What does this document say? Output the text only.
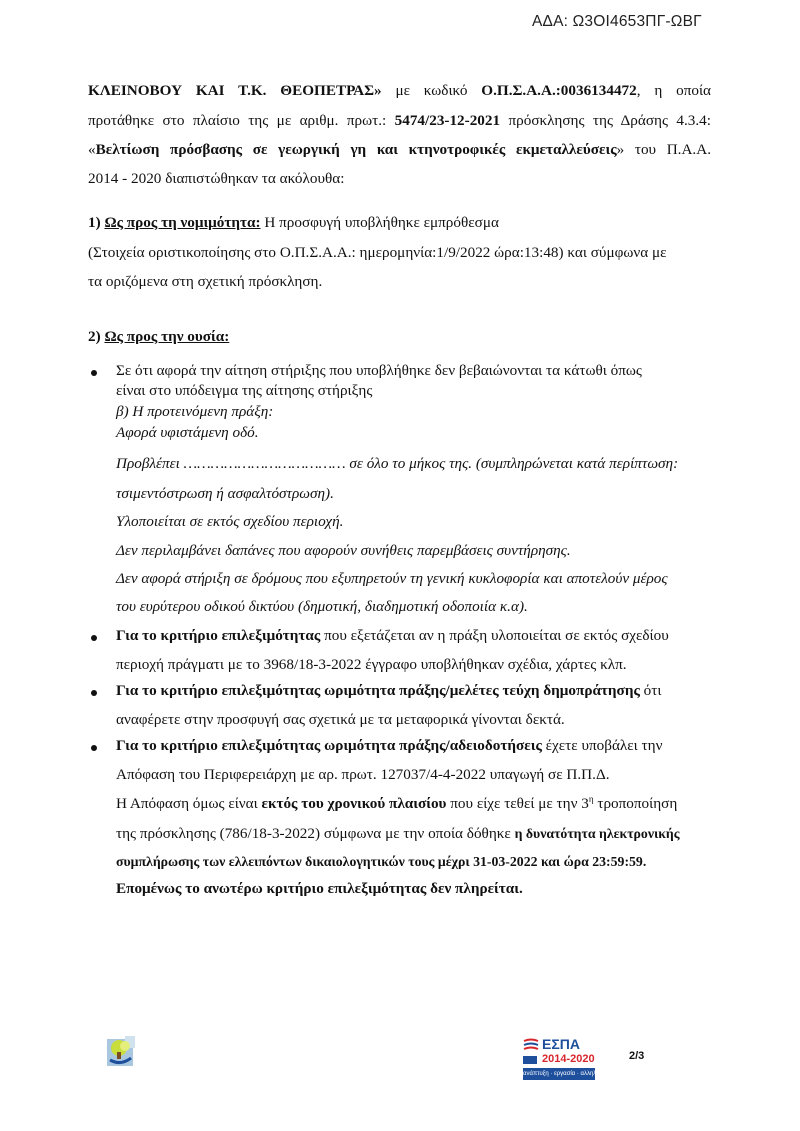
ΑΔΑ: Ω3ΟΙ4653ΠΓ-ΩΒΓ
ΚΛΕΙΝΟΒΟΥ ΚΑΙ Τ.Κ. ΘΕΟΠΕΤΡΑΣ» με κωδικό Ο.Π.Σ.Α.Α.:0036134472, η οποία
προτάθηκε στο πλαίσιο της με αριθμ. πρωτ.: 5474/23-12-2021 πρόσκλησης της Δράσης 4.3.4:
«Βελτίωση πρόσβασης σε γεωργική γη και κτηνοτροφικές εκμεταλλεύσεις» του Π.Α.Α.
2014 - 2020 διαπιστώθηκαν τα ακόλουθα:
1) Ως προς τη νομιμότητα: Η προσφυγή υποβλήθηκε εμπρόθεσμα
(Στοιχεία οριστικοποίησης στο Ο.Π.Σ.Α.Α.: ημερομηνία:1/9/2022 ώρα:13:48) και σύμφωνα με
τα οριζόμενα στη σχετική πρόσκληση.
2) Ως προς την ουσία:
Σε ότι αφορά την αίτηση στήριξης που υποβλήθηκε δεν βεβαιώνονται τα κάτωθι όπως
είναι στο υπόδειγμα της αίτησης στήριξης
β) Η προτεινόμενη πράξη:
Αφορά υφιστάμενη οδό.
Προβλέπει ……………………………… σε όλο το μήκος της. (συμπληρώνεται κατά περίπτωση:
τσιμεντόστρωση ή ασφαλτόστρωση).
Υλοποιείται σε εκτός σχεδίου περιοχή.
Δεν περιλαμβάνει δαπάνες που αφορούν συνήθεις παρεμβάσεις συντήρησης.
Δεν αφορά στήριξη σε δρόμους που εξυπηρετούν τη γενική κυκλοφορία και αποτελούν μέρος
του ευρύτερου οδικού δικτύου (δημοτική, διαδημοτική οδοποιία κ.α).
Για το κριτήριο επιλεξιμότητας που εξετάζεται αν η πράξη υλοποιείται σε εκτός σχεδίου
περιοχή πράγματι με το 3968/18-3-2022 έγγραφο υποβλήθηκαν σχέδια, χάρτες κλπ.
Για το κριτήριο επιλεξιμότητας ωριμότητα πράξης/μελέτες τεύχη δημοπράτησης ότι
αναφέρετε στην προσφυγή σας σχετικά με τα μεταφορικά γίνονται δεκτά.
Για το κριτήριο επιλεξιμότητας ωριμότητα πράξης/αδειοδοτήσεις έχετε υποβάλει την
Απόφαση του Περιφερειάρχη με αρ. πρωτ. 127037/4-4-2022 υπαγωγή σε Π.Π.Δ.
Η Απόφαση όμως είναι εκτός του χρονικού πλαισίου που είχε τεθεί με την $3^\eta$ τροποποίηση
της πρόσκλησης (786/18-3-2022) σύμφωνα με την οποία δόθηκε η δυνατότητα ηλεκτρονικής
συμπλήρωσης των ελλειπόντων δικαιολογητικών τους μέχρι 31-03-2022 και ώρα 23:59:59.
Επομένως το ανωτέρω κριτήριο επιλεξιμότητας δεν πληρείται.
ΕΣΠΑ
2014-2020
ανάπτυξη · εργασία · αλληλεγγύη
2/3
